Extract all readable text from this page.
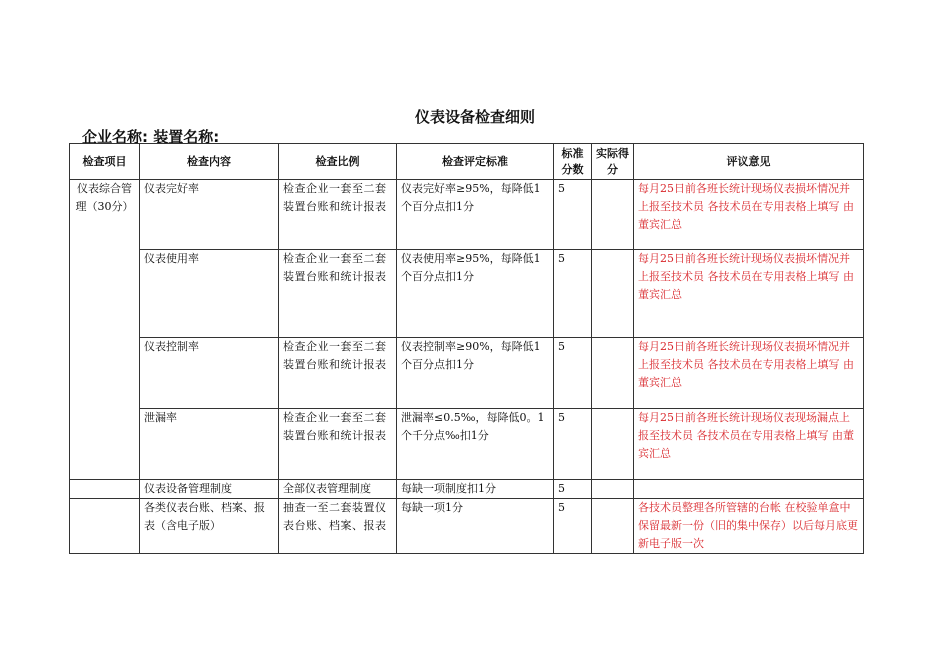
仪表设备检查细则
企业名称: 装置名称:
检查项目	检查内容	检查比例	检查评定标准	标准分数	实际得分	评议意见
仪表综合管理（30分）	仪表完好率	检查企业一套至二套装置台账和统计报表	仪表完好率≥95%，每降低1个百分点扣1分	5		每月25日前各班长统计现场仪表损坏情况并上报至技术员 各技术员在专用表格上填写 由董宾汇总
	仪表使用率	检查企业一套至二套装置台账和统计报表	仪表使用率≥95%，每降低1个百分点扣1分	5		每月25日前各班长统计现场仪表损坏情况并上报至技术员 各技术员在专用表格上填写 由董宾汇总
	仪表控制率	检查企业一套至二套装置台账和统计报表	仪表控制率≥90%，每降低1个百分点扣1分	5		每月25日前各班长统计现场仪表损坏情况并上报至技术员 各技术员在专用表格上填写 由董宾汇总
	泄漏率	检查企业一套至二套装置台账和统计报表	泄漏率≤0.5‰，每降低0。1个千分点‰扣1分	5		每月25日前各班长统计现场仪表现场漏点上报至技术员 各技术员在专用表格上填写 由董宾汇总
	仪表设备管理制度	全部仪表管理制度	每缺一项制度扣1分	5		
	各类仪表台账、档案、报表（含电子版）	抽查一至二套装置仪表台账、档案、报表	每缺一项1分	5		各技术员整理各所管辖的台帐 在校验单盒中保留最新一份（旧的集中保存）以后每月底更新电子版一次
